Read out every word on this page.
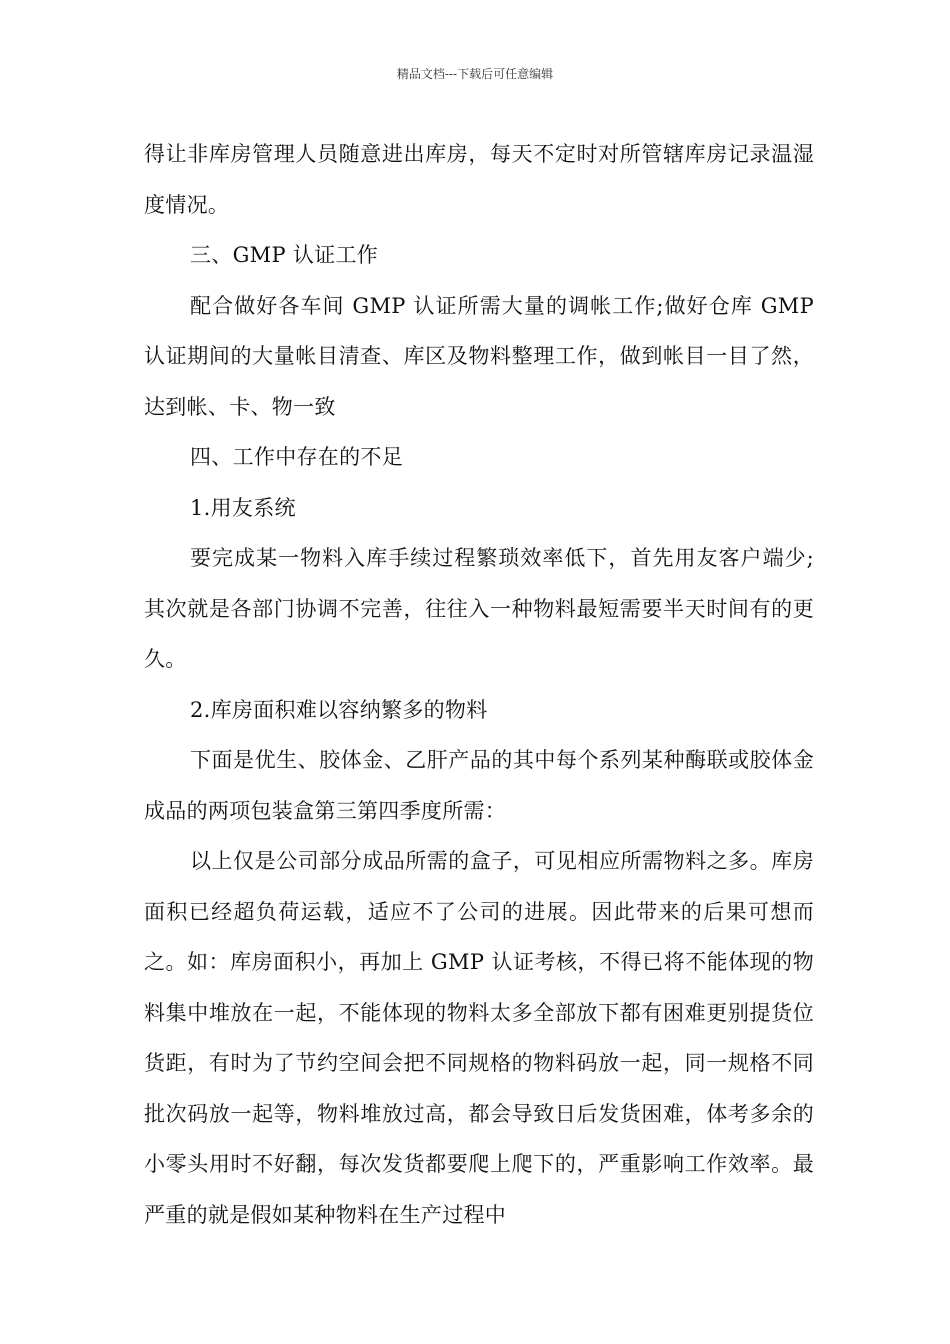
精品文档---下载后可任意编辑

得让非库房管理人员随意进出库房，每天不定时对所管辖库房记录温湿度情况。

三、GMP 认证工作

配合做好各车间 GMP 认证所需大量的调帐工作;做好仓库 GMP 认证期间的大量帐目清查、库区及物料整理工作，做到帐目一目了然，达到帐、卡、物一致

四、工作中存在的不足

1.用友系统

要完成某一物料入库手续过程繁琐效率低下，首先用友客户端少;其次就是各部门协调不完善，往往入一种物料最短需要半天时间有的更久。

2.库房面积难以容纳繁多的物料

下面是优生、胶体金、乙肝产品的其中每个系列某种酶联或胶体金成品的两项包装盒第三第四季度所需：

以上仅是公司部分成品所需的盒子，可见相应所需物料之多。库房面积已经超负荷运载，适应不了公司的进展。因此带来的后果可想而之。如：库房面积小，再加上 GMP 认证考核，不得已将不能体现的物料集中堆放在一起，不能体现的物料太多全部放下都有困难更别提货位货距，有时为了节约空间会把不同规格的物料码放一起，同一规格不同批次码放一起等，物料堆放过高，都会导致日后发货困难，体考多余的小零头用时不好翻，每次发货都要爬上爬下的，严重影响工作效率。最严重的就是假如某种物料在生产过程中
